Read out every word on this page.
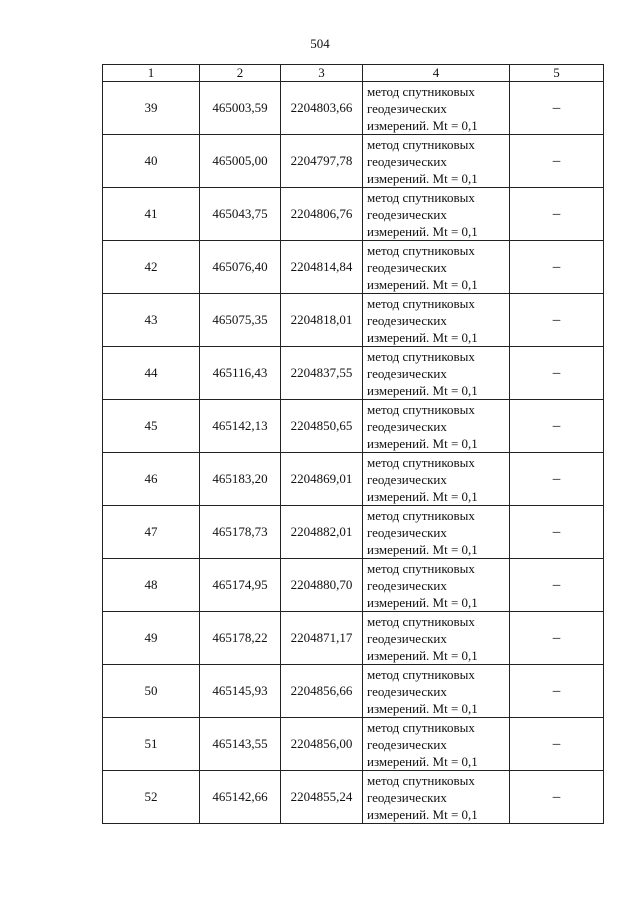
504
1	2	3	4	5
39	465003,59	2204803,66	метод спутниковых
геодезических
измерений. Mt = 0,1	–
40	465005,00	2204797,78	метод спутниковых
геодезических
измерений. Mt = 0,1	–
41	465043,75	2204806,76	метод спутниковых
геодезических
измерений. Mt = 0,1	–
42	465076,40	2204814,84	метод спутниковых
геодезических
измерений. Mt = 0,1	–
43	465075,35	2204818,01	метод спутниковых
геодезических
измерений. Mt = 0,1	–
44	465116,43	2204837,55	метод спутниковых
геодезических
измерений. Mt = 0,1	–
45	465142,13	2204850,65	метод спутниковых
геодезических
измерений. Mt = 0,1	–
46	465183,20	2204869,01	метод спутниковых
геодезических
измерений. Mt = 0,1	–
47	465178,73	2204882,01	метод спутниковых
геодезических
измерений. Mt = 0,1	–
48	465174,95	2204880,70	метод спутниковых
геодезических
измерений. Mt = 0,1	–
49	465178,22	2204871,17	метод спутниковых
геодезических
измерений. Mt = 0,1	–
50	465145,93	2204856,66	метод спутниковых
геодезических
измерений. Mt = 0,1	–
51	465143,55	2204856,00	метод спутниковых
геодезических
измерений. Mt = 0,1	–
52	465142,66	2204855,24	метод спутниковых
геодезических
измерений. Mt = 0,1	–
